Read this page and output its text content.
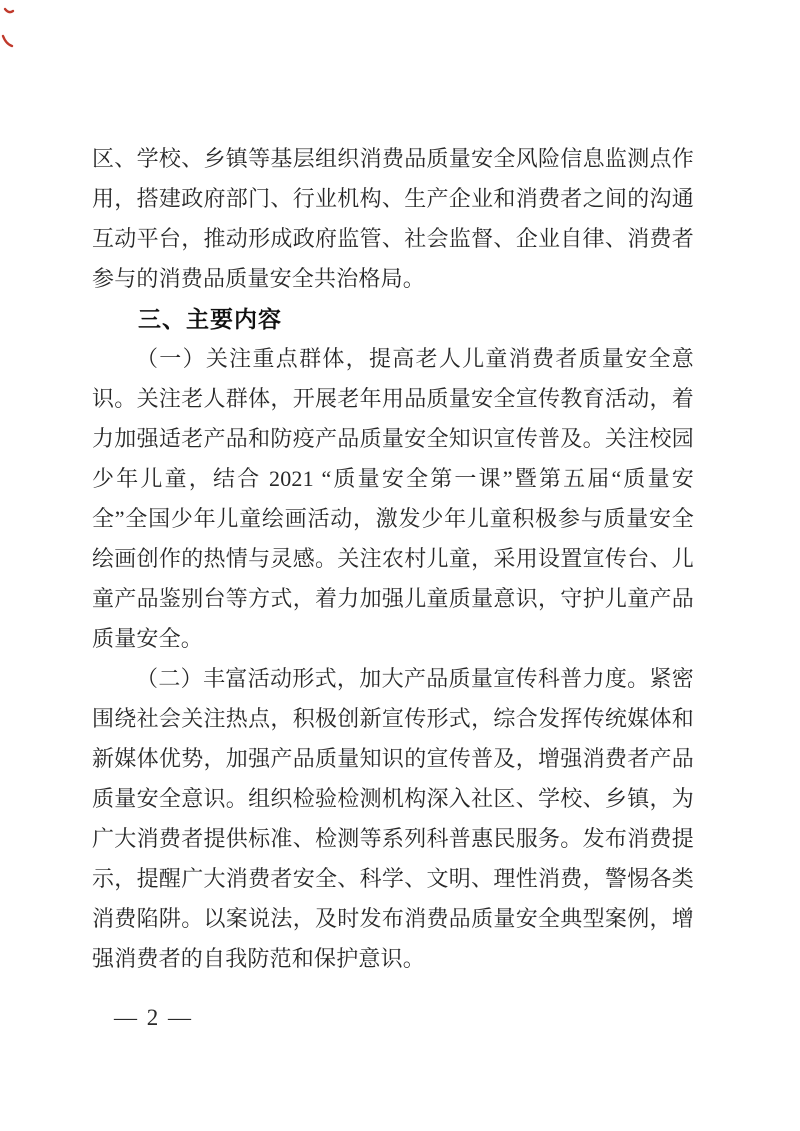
区、学校、乡镇等基层组织消费品质量安全风险信息监测点作用，搭建政府部门、行业机构、生产企业和消费者之间的沟通互动平台，推动形成政府监管、社会监督、企业自律、消费者参与的消费品质量安全共治格局。

三、主要内容

（一）关注重点群体，提高老人儿童消费者质量安全意识。关注老人群体，开展老年用品质量安全宣传教育活动，着力加强适老产品和防疫产品质量安全知识宣传普及。关注校园少年儿童，结合 2021 “质量安全第一课”暨第五届“质量安全”全国少年儿童绘画活动，激发少年儿童积极参与质量安全绘画创作的热情与灵感。关注农村儿童，采用设置宣传台、儿童产品鉴别台等方式，着力加强儿童质量意识，守护儿童产品质量安全。

（二）丰富活动形式，加大产品质量宣传科普力度。紧密围绕社会关注热点，积极创新宣传形式，综合发挥传统媒体和新媒体优势，加强产品质量知识的宣传普及，增强消费者产品质量安全意识。组织检验检测机构深入社区、学校、乡镇，为广大消费者提供标准、检测等系列科普惠民服务。发布消费提示，提醒广大消费者安全、科学、文明、理性消费，警惕各类消费陷阱。以案说法，及时发布消费品质量安全典型案例，增强消费者的自我防范和保护意识。

— 2 —
